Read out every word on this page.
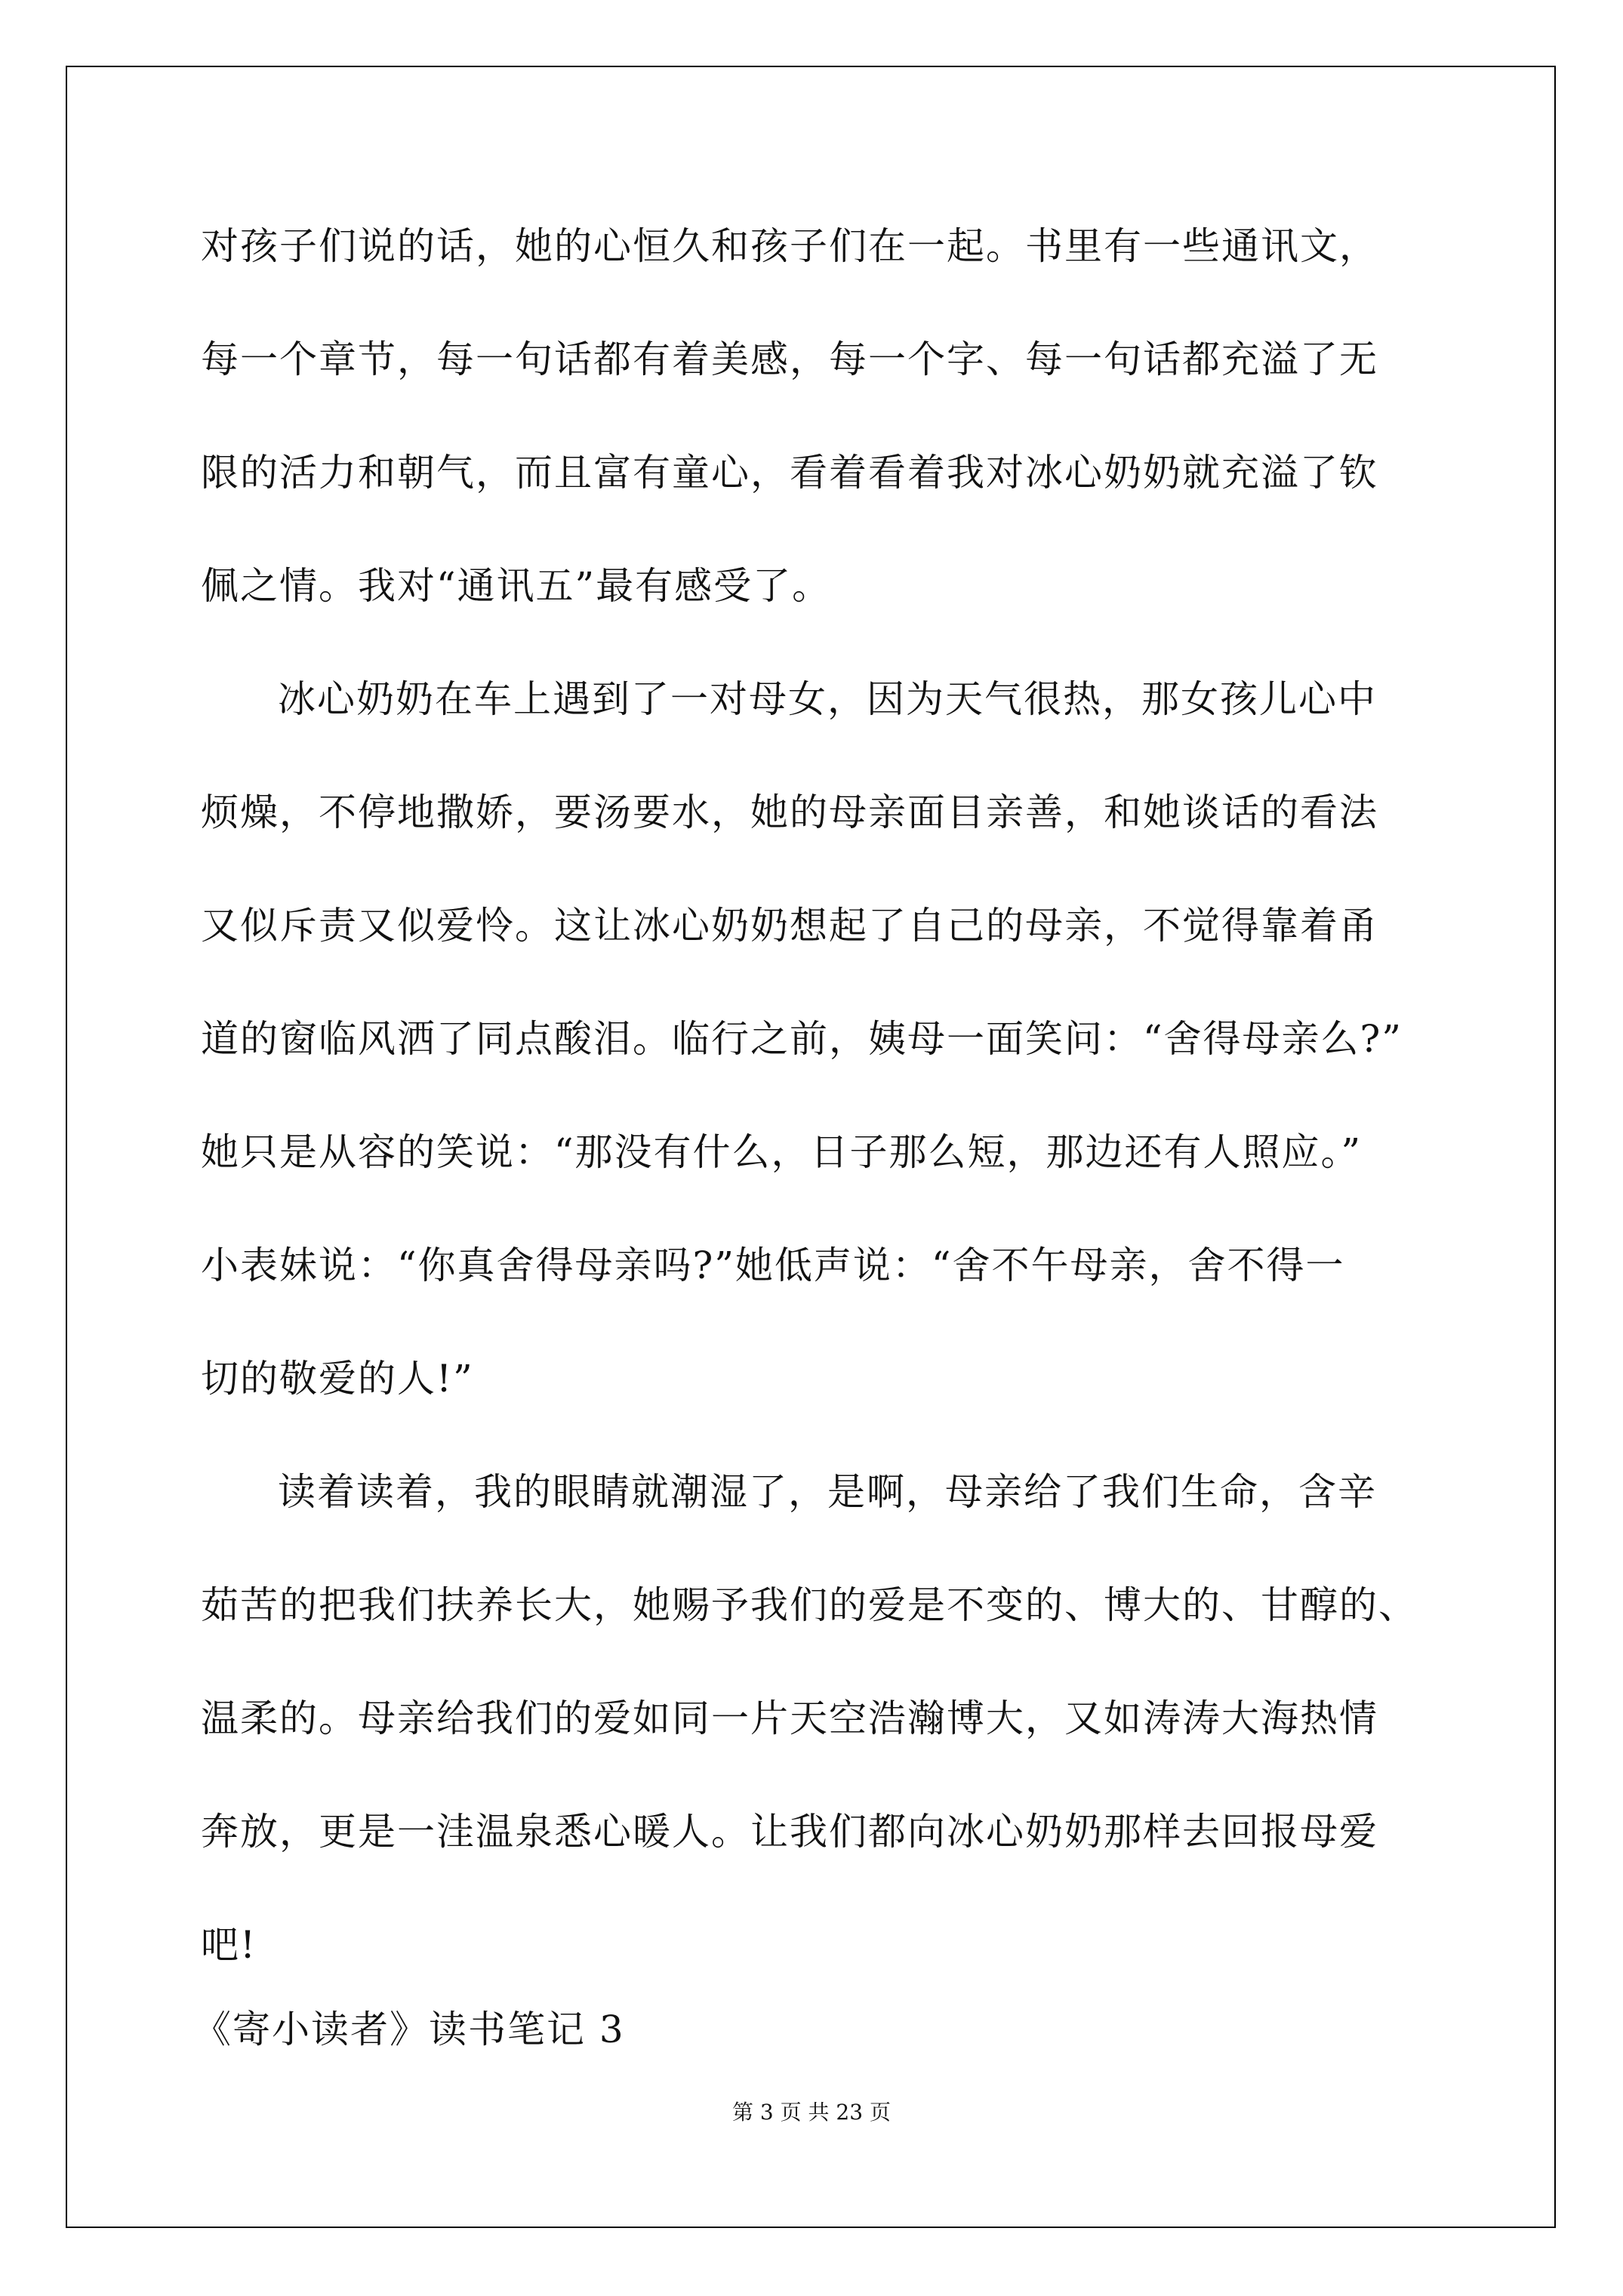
对孩子们说的话，她的心恒久和孩子们在一起。书里有一些通讯文，
每一个章节，每一句话都有着美感，每一个字、每一句话都充溢了无
限的活力和朝气，而且富有童心，看着看着我对冰心奶奶就充溢了钦
佩之情。我对“通讯五”最有感受了。
冰心奶奶在车上遇到了一对母女，因为天气很热，那女孩儿心中
烦燥，不停地撒娇，要汤要水，她的母亲面目亲善，和她谈话的看法
又似斥责又似爱怜。这让冰心奶奶想起了自己的母亲，不觉得靠着甬
道的窗临风洒了同点酸泪。临行之前，姨母一面笑问：“舍得母亲么?”
她只是从容的笑说：“那没有什么，日子那么短，那边还有人照应。”
小表妹说：“你真舍得母亲吗?”她低声说：“舍不午母亲，舍不得一
切的敬爱的人!”
读着读着，我的眼睛就潮湿了，是啊，母亲给了我们生命，含辛
茹苦的把我们扶养长大，她赐予我们的爱是不变的、博大的、甘醇的、
温柔的。母亲给我们的爱如同一片天空浩瀚博大，又如涛涛大海热情
奔放，更是一洼温泉悉心暖人。让我们都向冰心奶奶那样去回报母爱
吧!
《寄小读者》读书笔记 3
第 3 页 共 23 页
